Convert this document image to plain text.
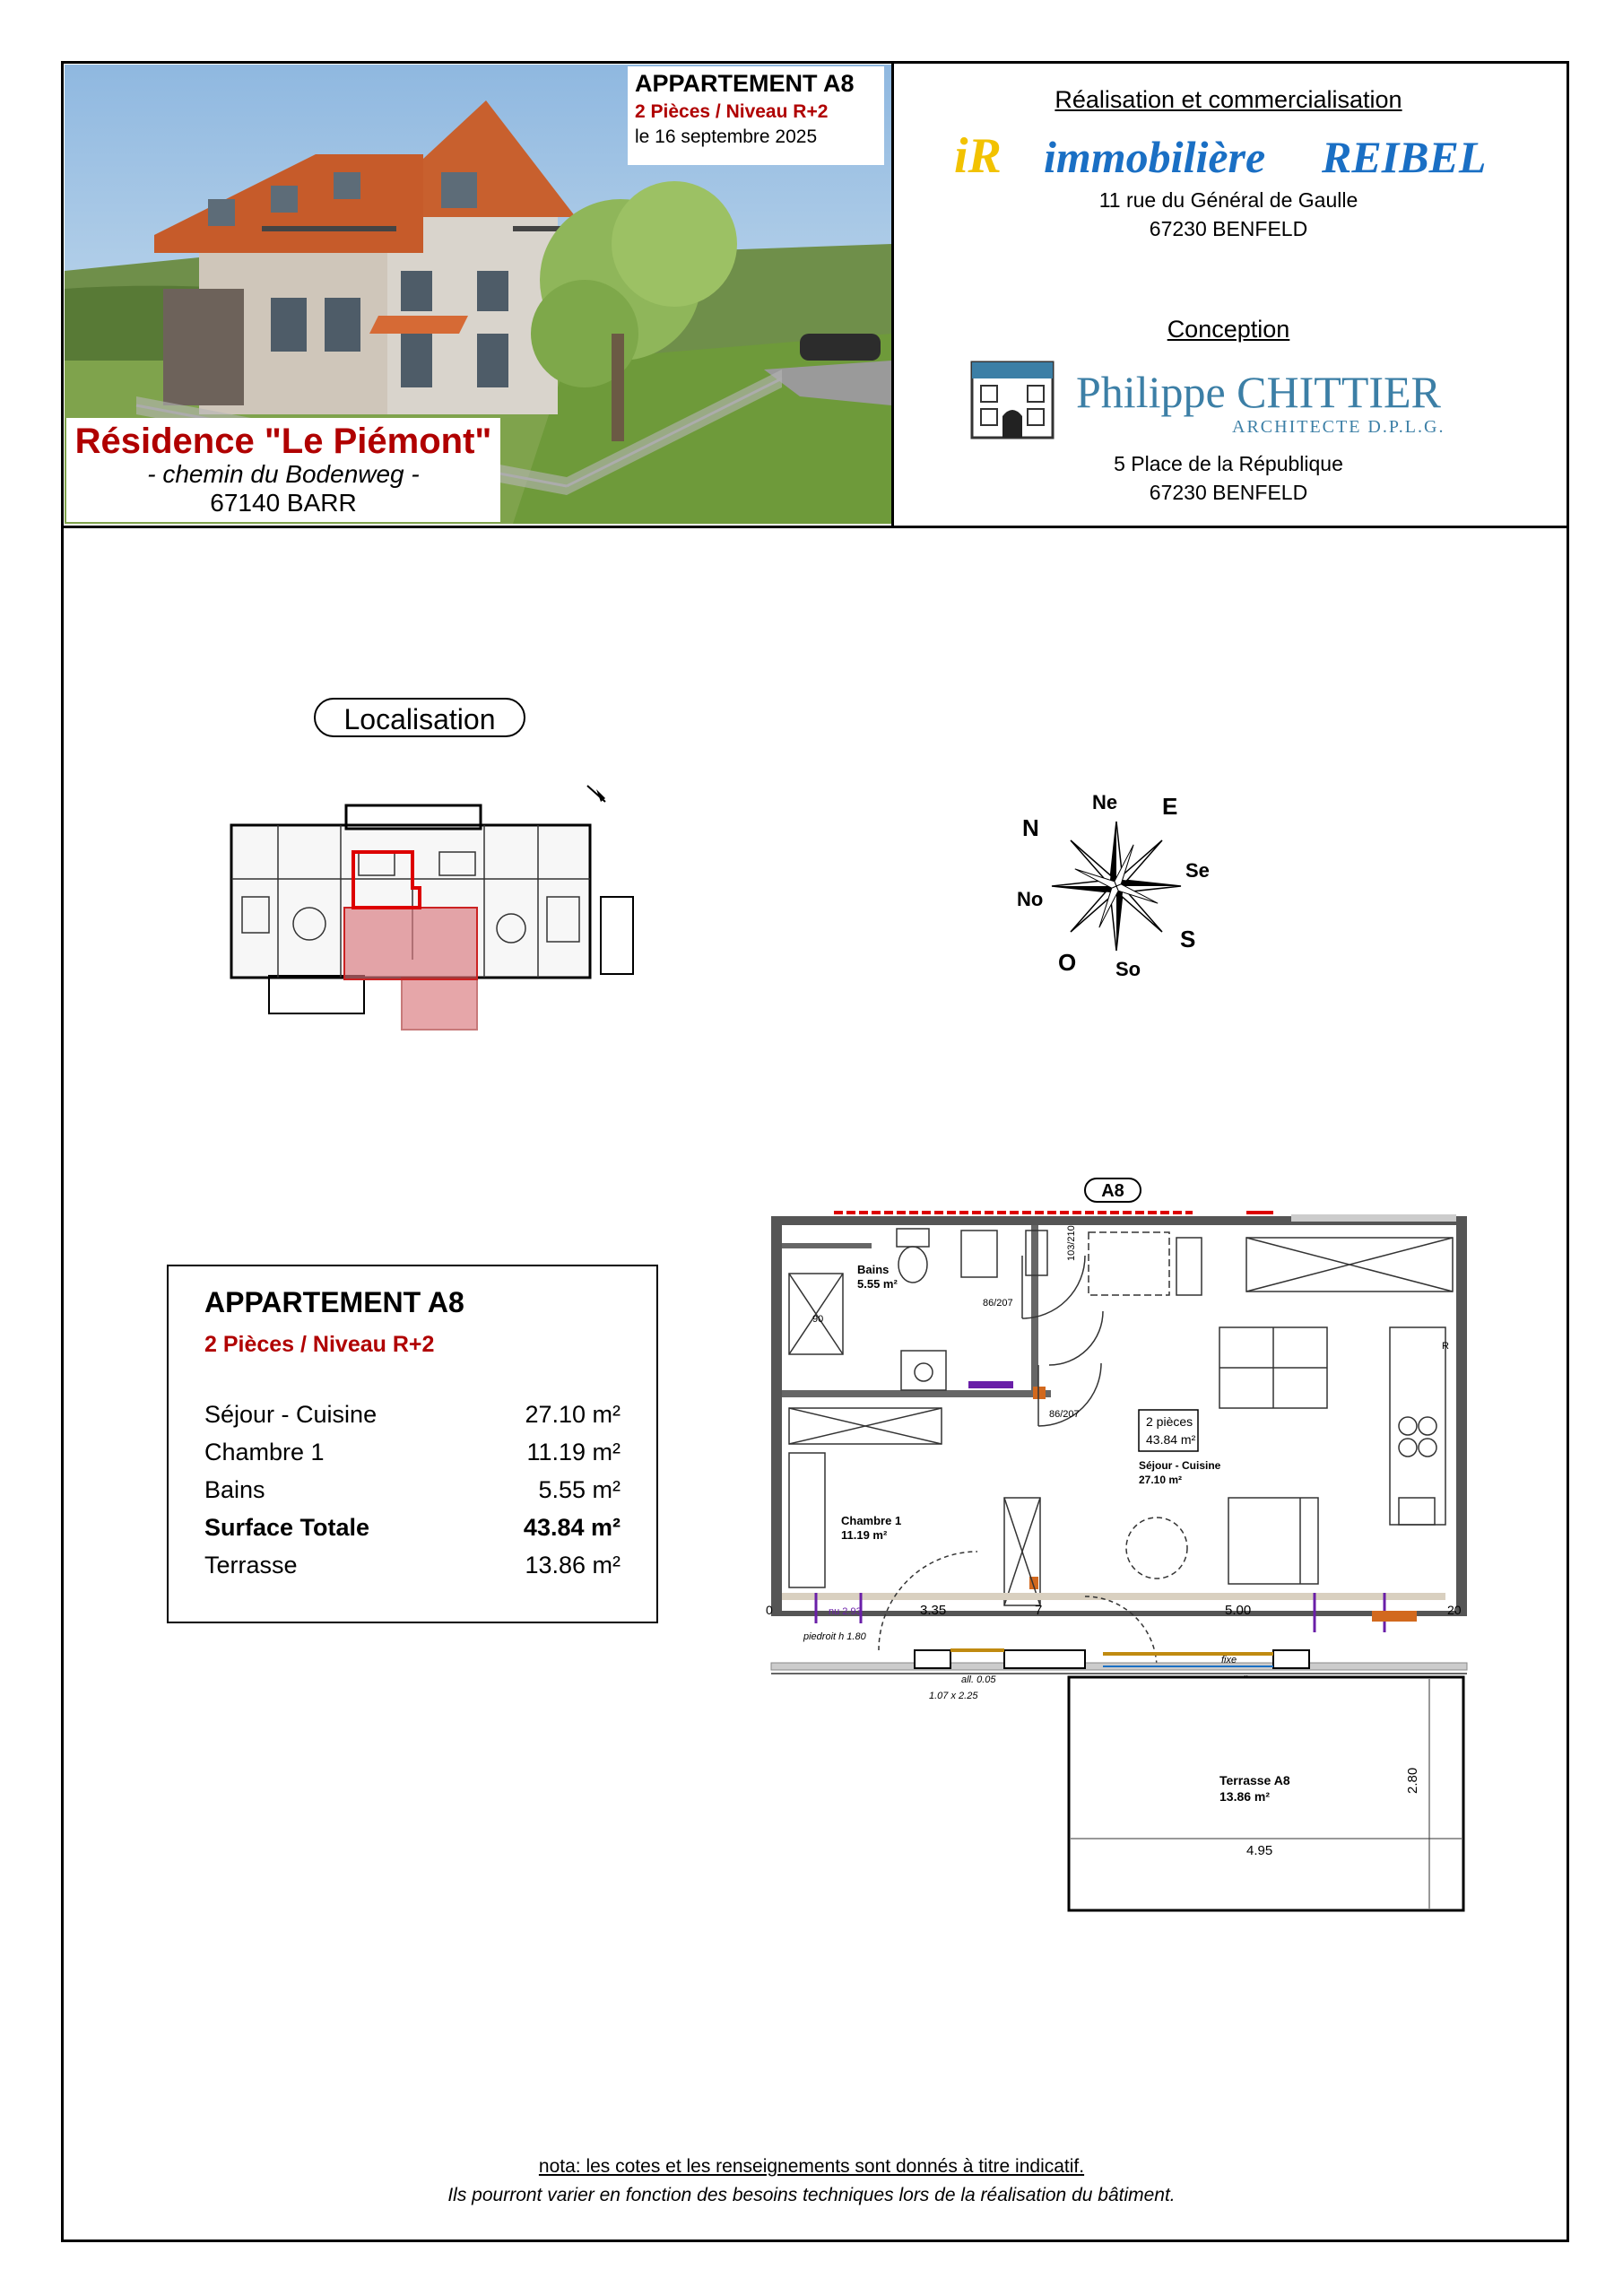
APPARTEMENT A8
2 Pièces / Niveau R+2
le 16 septembre 2025
Résidence "Le Piémont"
- chemin du Bodenweg -
67140 BARR
Réalisation et commercialisation
iR immobilière REIBEL
11 rue du Général de Gaulle
67230 BENFELD
Conception
Philippe CHITTIER
ARCHITECTE D.P.L.G.
5 Place de la République
67230 BENFELD
Localisation
N
Ne E
Se
S
So
O
No
APPARTEMENT A8
2 Pièces / Niveau R+2
Séjour - Cuisine	27.10 m²
Chambre 1	11.19 m²
Bains	5.55 m²
Surface Totale	43.84 m²
Terrasse	13.86 m²
A8
Bains
5.55 m²
90
86/207
103/210
86/207
Chambre 1
11.19 m²
R
2 pièces
43.84 m²
Séjour - Cuisine
27.10 m²
0	3.35	7	5.00	20
nu 2.93
piedroit h 1.80
all. 0.05
1.07 x 2.25
fixe
Terrasse A8
13.86 m²
4.95
2.80
nota: les cotes et les renseignements sont donnés à titre indicatif.
Ils pourront varier en fonction des besoins techniques lors de la réalisation du bâtiment.
